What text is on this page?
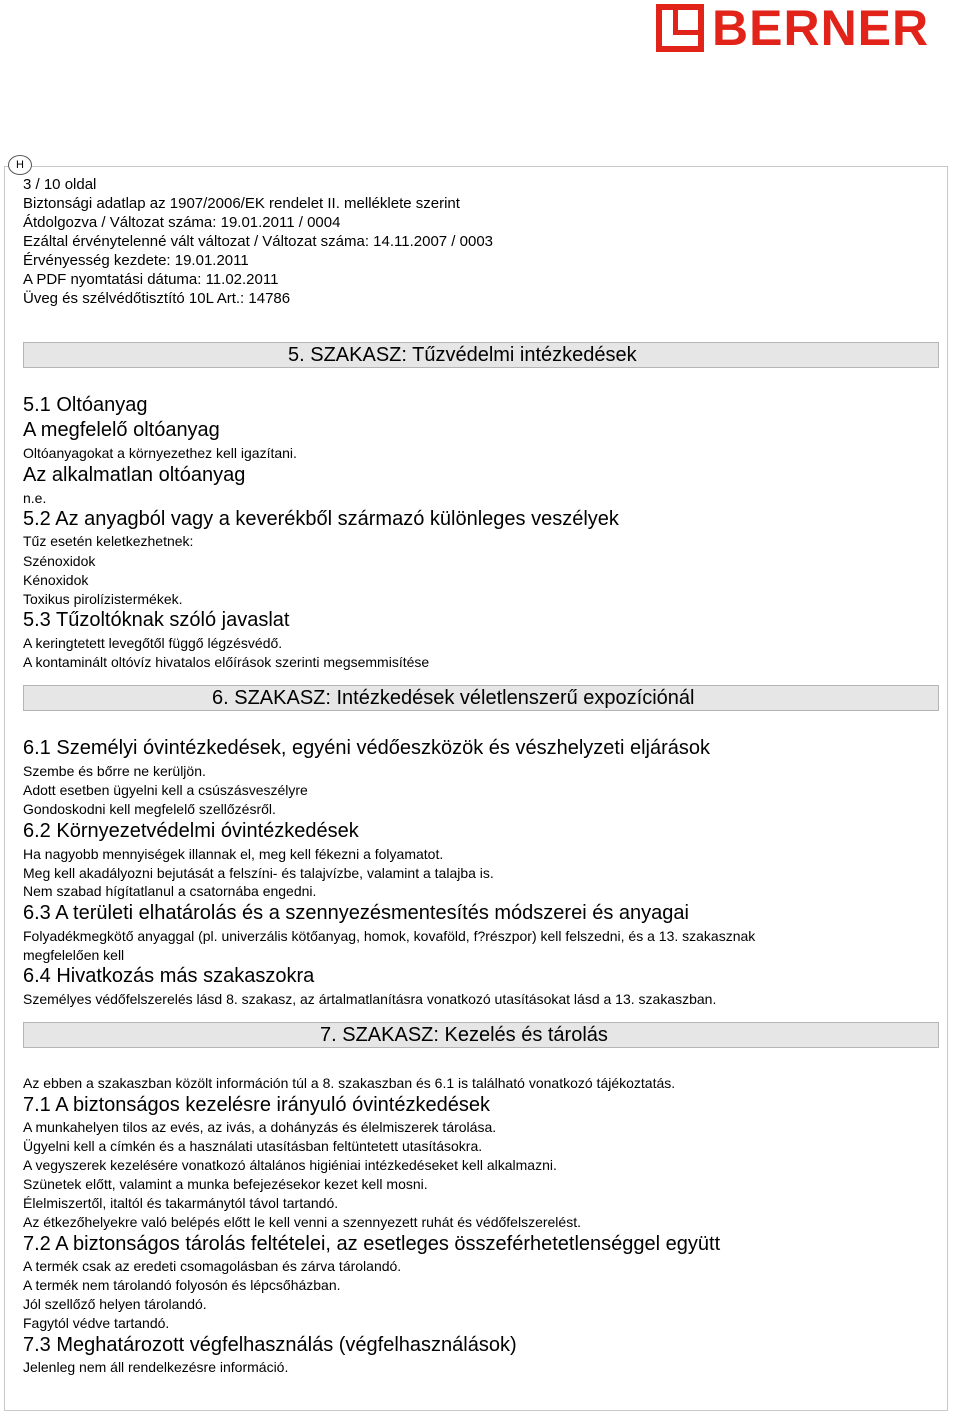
BERNER
H
3 / 10 oldal
Biztonsági adatlap az 1907/2006/EK rendelet II. melléklete szerint
Átdolgozva / Változat száma: 19.01.2011 / 0004
Ezáltal érvénytelenné vált változat / Változat száma: 14.11.2007 / 0003
Érvényesség kezdete: 19.01.2011
A PDF nyomtatási dátuma: 11.02.2011
Üveg és szélvédőtisztító 10L Art.: 14786
5. SZAKASZ: Tűzvédelmi intézkedések
5.1 Oltóanyag
A megfelelő oltóanyag
Oltóanyagokat a környezethez kell igazítani.
Az alkalmatlan oltóanyag
n.e.
5.2 Az anyagból vagy a keverékből származó különleges veszélyek
Tűz esetén keletkezhetnek:
Szénoxidok
Kénoxidok
Toxikus pirolízistermékek.
5.3 Tűzoltóknak szóló javaslat
A keringtetett levegőtől függő légzésvédő.
A kontaminált oltóvíz hivatalos előírások szerinti megsemmisítése
6. SZAKASZ: Intézkedések véletlenszerű expozíciónál
6.1 Személyi óvintézkedések, egyéni védőeszközök és vészhelyzeti eljárások
Szembe és bőrre ne kerüljön.
Adott esetben ügyelni kell a csúszásveszélyre
Gondoskodni kell megfelelő szellőzésről.
6.2 Környezetvédelmi óvintézkedések
Ha nagyobb mennyiségek illannak el, meg kell fékezni a folyamatot.
Meg kell akadályozni bejutását a felszíni- és talajvízbe, valamint a talajba is.
Nem szabad hígítatlanul a csatornába engedni.
6.3 A területi elhatárolás és a szennyezésmentesítés módszerei és anyagai
Folyadékmegkötő anyaggal (pl. univerzális kötőanyag, homok, kovaföld, f?részpor) kell felszedni, és a 13. szakasznak
megfelelően kell
6.4 Hivatkozás más szakaszokra
Személyes védőfelszerelés lásd 8. szakasz, az ártalmatlanításra vonatkozó utasításokat lásd a 13. szakaszban.
7. SZAKASZ: Kezelés és tárolás
Az ebben a szakaszban közölt információn túl a 8. szakaszban és 6.1 is található vonatkozó tájékoztatás.
7.1 A biztonságos kezelésre irányuló óvintézkedések
A munkahelyen tilos az evés, az ivás, a dohányzás és élelmiszerek tárolása.
Ügyelni kell a címkén és a használati utasításban feltüntetett utasításokra.
A vegyszerek kezelésére vonatkozó általános higiéniai intézkedéseket kell alkalmazni.
Szünetek előtt, valamint a munka befejezésekor kezet kell mosni.
Élelmiszertől, italtól és takarmánytól távol tartandó.
Az étkezőhelyekre való belépés előtt le kell venni a szennyezett ruhát és védőfelszerelést.
7.2 A biztonságos tárolás feltételei, az esetleges összeférhetetlenséggel együtt
A termék csak az eredeti csomagolásban és zárva tárolandó.
A termék nem tárolandó folyosón és lépcsőházban.
Jól szellőző helyen tárolandó.
Fagytól védve tartandó.
7.3 Meghatározott végfelhasználás (végfelhasználások)
Jelenleg nem áll rendelkezésre információ.
